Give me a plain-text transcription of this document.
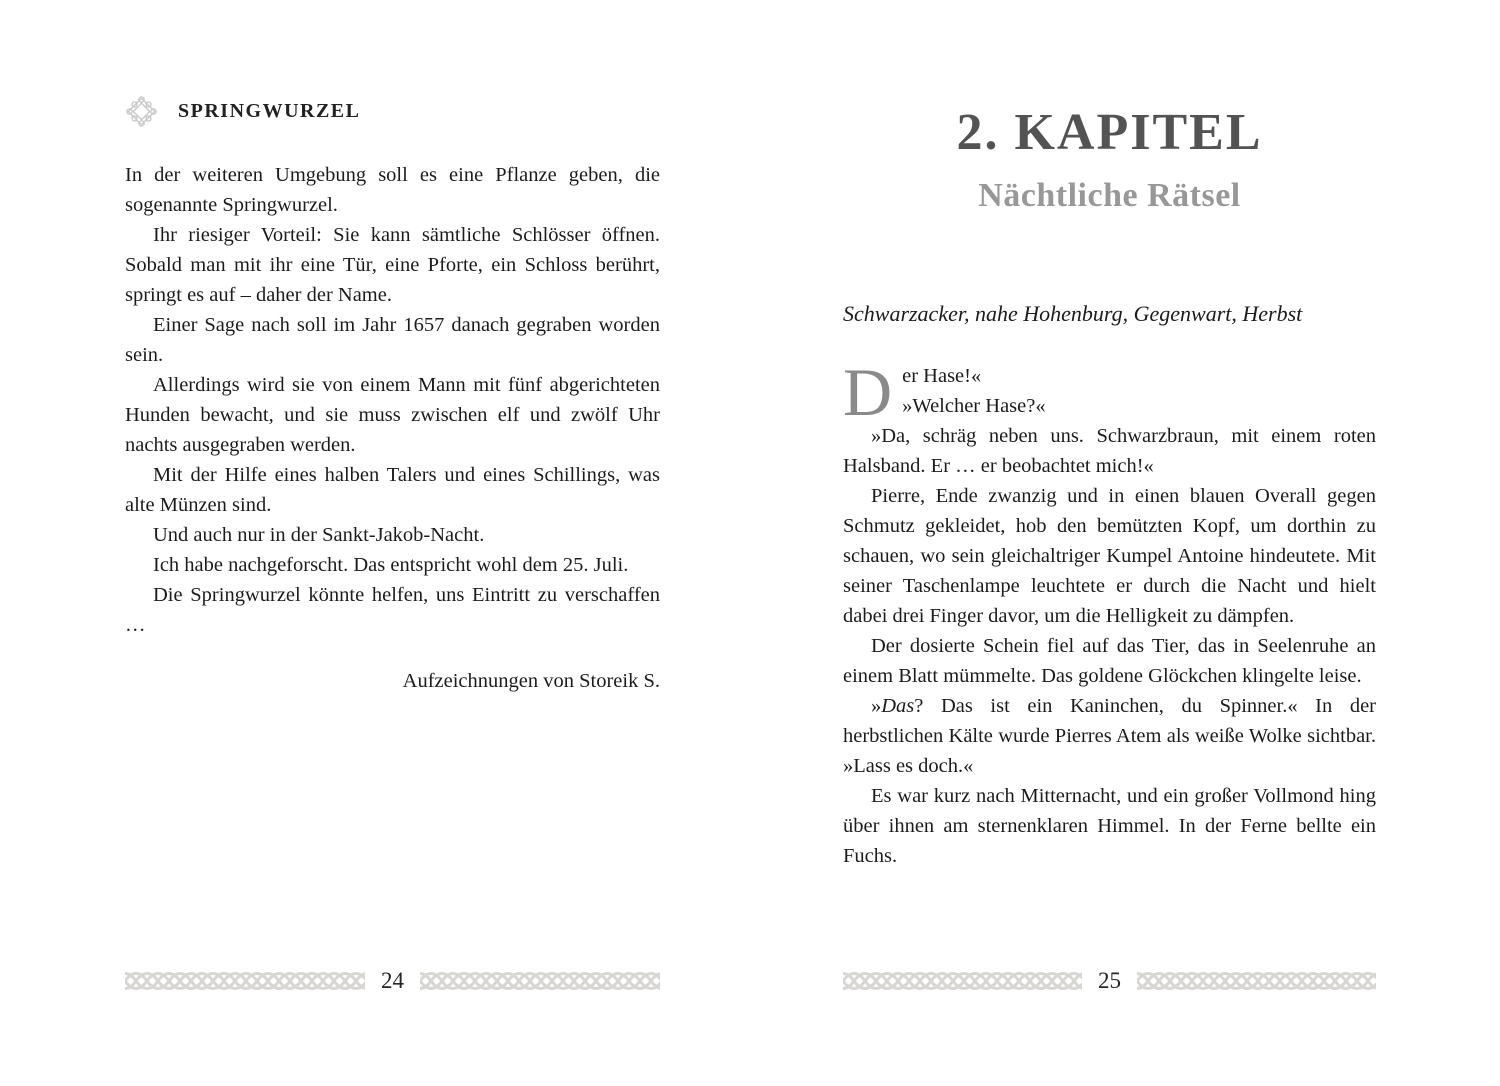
SPRINGWURZEL

In der weiteren Umgebung soll es eine Pflanze geben, die sogenannte Springwurzel.

Ihr riesiger Vorteil: Sie kann sämtliche Schlösser öffnen. Sobald man mit ihr eine Tür, eine Pforte, ein Schloss berührt, springt es auf – daher der Name.

Einer Sage nach soll im Jahr 1657 danach gegraben worden sein.

Allerdings wird sie von einem Mann mit fünf abgerichteten Hunden bewacht, und sie muss zwischen elf und zwölf Uhr nachts ausgegraben werden.

Mit der Hilfe eines halben Talers und eines Schillings, was alte Münzen sind.

Und auch nur in der Sankt-Jakob-Nacht.

Ich habe nachgeforscht. Das entspricht wohl dem 25. Juli.

Die Springwurzel könnte helfen, uns Eintritt zu verschaffen …

Aufzeichnungen von Storeik S.
24
2. KAPITEL
Nächtliche Rätsel

Schwarzacker, nahe Hohenburg, Gegenwart, Herbst

D er Hase!«
»Welcher Hase?«

»Da, schräg neben uns. Schwarzbraun, mit einem roten Halsband. Er … er beobachtet mich!«

Pierre, Ende zwanzig und in einen blauen Overall gegen Schmutz gekleidet, hob den bemützten Kopf, um dorthin zu schauen, wo sein gleichaltriger Kumpel Antoine hindeutete. Mit seiner Taschenlampe leuchtete er durch die Nacht und hielt dabei drei Finger davor, um die Helligkeit zu dämpfen.

Der dosierte Schein fiel auf das Tier, das in Seelenruhe an einem Blatt mümmelte. Das goldene Glöckchen klingelte leise.

»Das? Das ist ein Kaninchen, du Spinner.« In der herbstlichen Kälte wurde Pierres Atem als weiße Wolke sichtbar. »Lass es doch.«

Es war kurz nach Mitternacht, und ein großer Vollmond hing über ihnen am sternenklaren Himmel. In der Ferne bellte ein Fuchs.

25
